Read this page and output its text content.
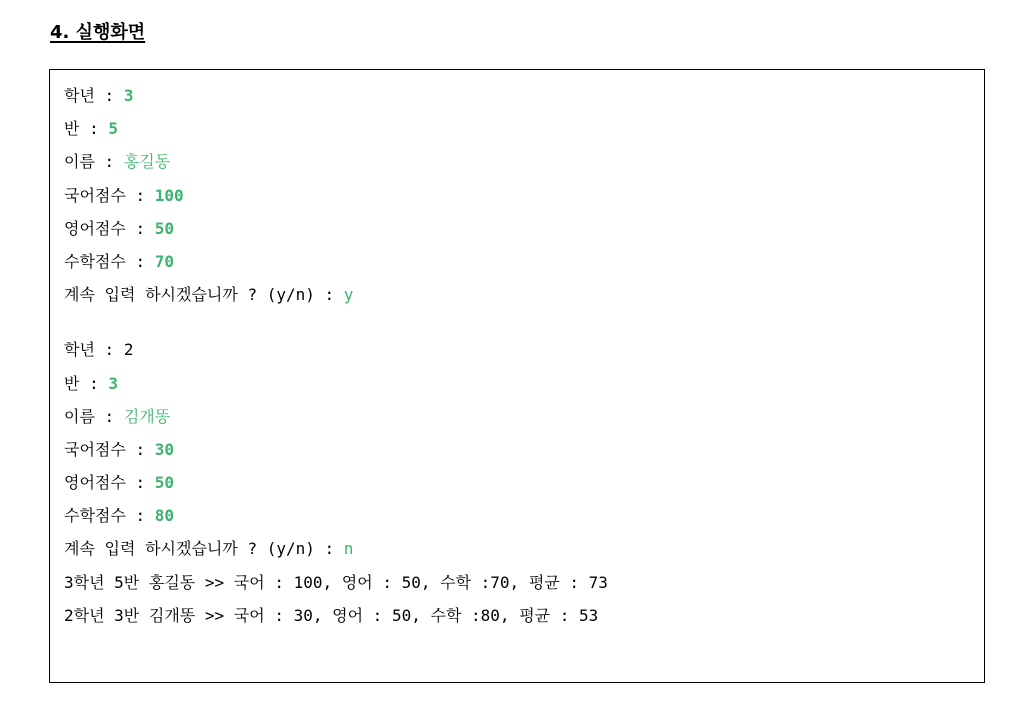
4. 실행화면
학년 : 3
반 : 5
이름 : 홍길동
국어점수 : 100
영어점수 : 50
수학점수 : 70
계속 입력 하시겠습니까 ? (y/n) : y
학년 : 2
반 : 3
이름 : 김개똥
국어점수 : 30
영어점수 : 50
수학점수 : 80
계속 입력 하시겠습니까 ? (y/n) : n
3학년 5반 홍길동 >> 국어 : 100, 영어 : 50, 수학 :70, 평균 : 73
2학년 3반 김개똥 >> 국어 : 30, 영어 : 50, 수학 :80, 평균 : 53
